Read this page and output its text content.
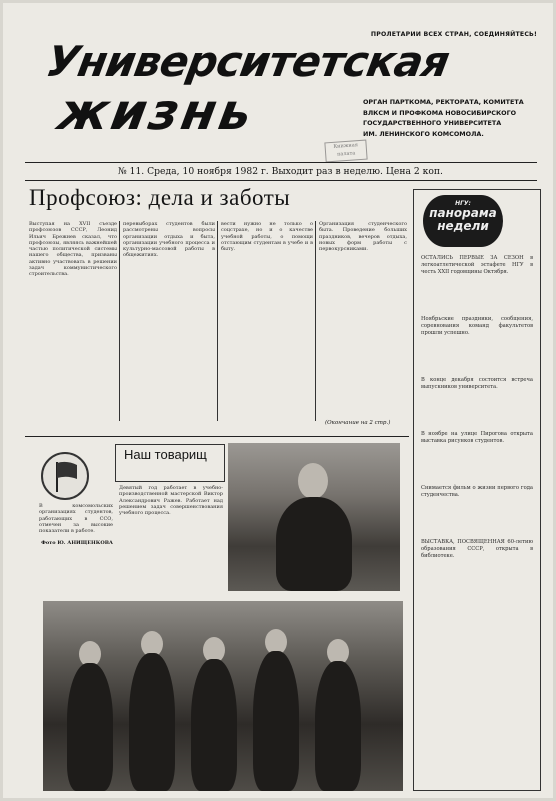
ПРОЛЕТАРИИ ВСЕХ СТРАН, СОЕДИНЯЙТЕСЬ!
Университетская
жизнь	ОРГАН ПАРТКОМА, РЕКТОРАТА, КОМИТЕТА
ВЛКСМ И ПРОФКОМА НОВОСИБИРСКОГО
ГОСУДАРСТВЕННОГО УНИВЕРСИТЕТА
ИМ. ЛЕНИНСКОГО КОМСОМОЛА.
Книжная палата
№ 11. Среда, 10 ноября 1982 г. Выходит раз в неделю. Цена 2 коп.
Профсоюз: дела и заботы
Выступая на XVII съезде профсоюзов СССР, Леонид Ильич Брежнев сказал, что профсоюзы, являясь важнейшей частью политической системы нашего общества, призваны активно участвовать в решении задач коммунистического строительства.
перевыборах студентов были рассмотрены вопросы организации отдыха и быта, организации учебного процесса и культурно-массовой работы в общежитиях.
вести нужно не только о соцстрахе, но и о качестве учебной работы, о помощи отстающим студентам в учебе и в быту.
Организация студенческого быта. Проведение больших праздников, вечеров отдыха, новых форм работы с первокурсниками.
(Окончание на 2 стр.)
НГУ:
панорама
недели
ОСТАЛИСЬ ПЕРВЫЕ ЗА СЕЗОН в легкоатлетической эстафете НГУ в честь ХХII годовщины Октября.
Ноябрьские праздники, сообщения, соревнования команд факультетов прошли успешно.
В конце декабря состоится встреча выпускников университета.
В ноябре на улице Пирогова открыта выставка рисунков студентов.
Снимается фильм о жизни первого года студенчества.
ВЫСТАВКА, ПОСВЯЩЕННАЯ 60-летию образования СССР, открыта в библиотеке.
Наш товарищ
В комсомольских организациях студентов, работающих в ССО, отмечен за высокие показатели в работе.
Фото Ю. АНИЩЕНКОВА
Девятый год работает в учебно-производственной мастерской Виктор Александрович Ражев. Работает над решением задач совершенствования учебного процесса.
